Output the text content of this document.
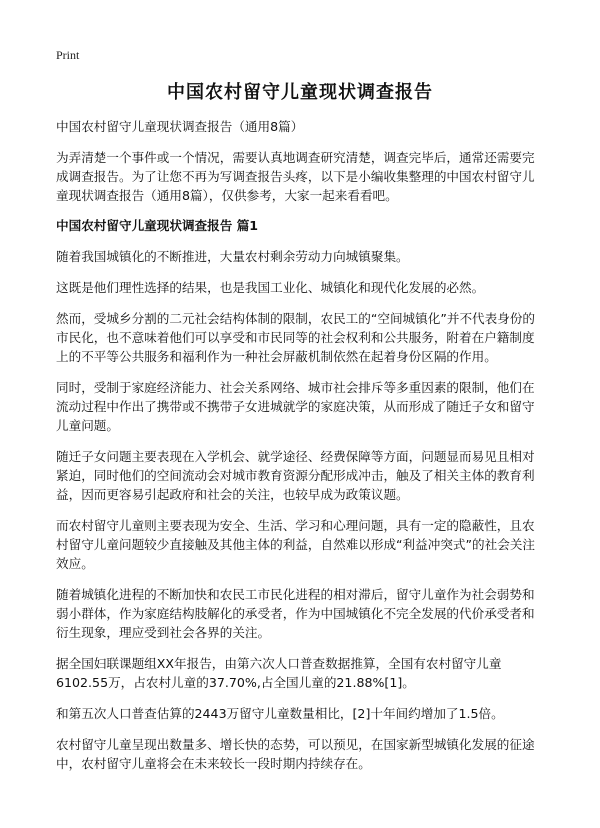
Print
中国农村留守儿童现状调查报告

中国农村留守儿童现状调查报告（通用8篇）

为弄清楚一个事件或一个情况，需要认真地调查研究清楚，调查完毕后，通常还需要完成调查报告。为了让您不再为写调查报告头疼，以下是小编收集整理的中国农村留守儿童现状调查报告（通用8篇），仅供参考，大家一起来看看吧。

中国农村留守儿童现状调查报告 篇1

随着我国城镇化的不断推进，大量农村剩余劳动力向城镇聚集。

这既是他们理性选择的结果，也是我国工业化、城镇化和现代化发展的必然。

然而，受城乡分割的二元社会结构体制的限制，农民工的“空间城镇化”并不代表身份的市民化，也不意味着他们可以享受和市民同等的社会权利和公共服务，附着在户籍制度上的不平等公共服务和福利作为一种社会屏蔽机制依然在起着身份区隔的作用。

同时，受制于家庭经济能力、社会关系网络、城市社会排斥等多重因素的限制，他们在流动过程中作出了携带或不携带子女进城就学的家庭决策，从而形成了随迁子女和留守儿童问题。

随迁子女问题主要表现在入学机会、就学途径、经费保障等方面，问题显而易见且相对紧迫，同时他们的空间流动会对城市教育资源分配形成冲击，触及了相关主体的教育利益，因而更容易引起政府和社会的关注，也较早成为政策议题。

而农村留守儿童则主要表现为安全、生活、学习和心理问题，具有一定的隐蔽性，且农村留守儿童问题较少直接触及其他主体的利益，自然难以形成“利益冲突式”的社会关注效应。

随着城镇化进程的不断加快和农民工市民化进程的相对滞后，留守儿童作为社会弱势和弱小群体，作为家庭结构肢解化的承受者，作为中国城镇化不完全发展的代价承受者和衍生现象，理应受到社会各界的关注。

据全国妇联课题组XX年报告，由第六次人口普查数据推算，全国有农村留守儿童6102.55万，占农村儿童的37.70%,占全国儿童的21.88%[1]。

和第五次人口普查估算的2443万留守儿童数量相比，[2]十年间约增加了1.5倍。

农村留守儿童呈现出数量多、增长快的态势，可以预见，在国家新型城镇化发展的征途中，农村留守儿童将会在未来较长一段时期内持续存在。
